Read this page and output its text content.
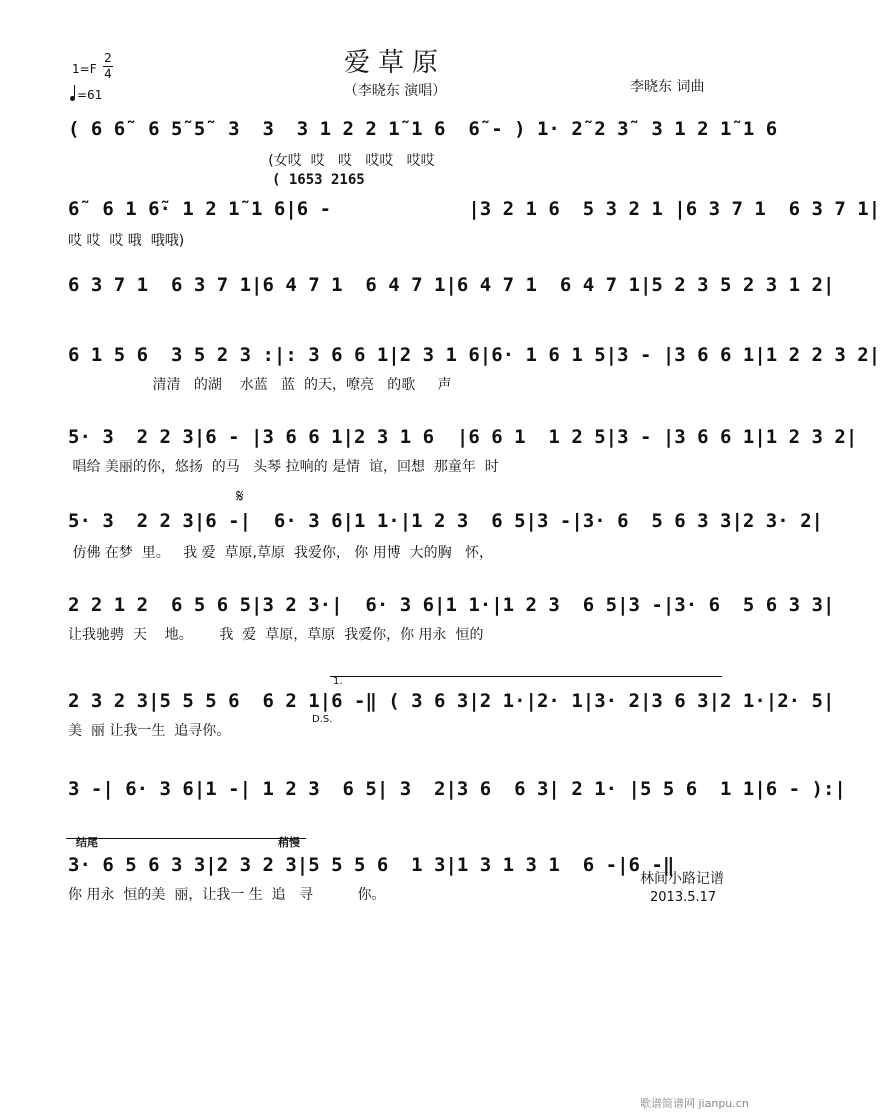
爱草原
（李晓东 演唱）	李晓东 词曲
1=F
2
4
=61
( 6 6̃  6 5̃ 5̃  3  3  3 1 2 2 1̃ 1 6  6̃ - ) 1· 2̃ 2 3̃  3 1 2 1̃ 1 6
(女哎  哎   哎   哎哎   哎哎
( 1653 2165
6̃  6 1 6̃· 1 2 1̃ 1 6|6 -            |3 2 1 6  5 3 2 1 |6 3 7 1  6 3 7 1|
哎 哎  哎 哦  哦哦)
6 3 7 1  6 3 7 1|6 4 7 1  6 4 7 1|6 4 7 1  6 4 7 1|5 2 3 5 2 3 1 2|
6 1 5 6  3 5 2 3 :|: 3 6 6 1|2 3 1 6|6· 1 6 1 5|3 - |3 6 6 1|1 2 2 3 2|
清清   的湖    水蓝   蓝  的天，嘹亮   的歌     声
5· 3  2 2 3|6 - |3 6 6 1|2 3 1 6  |6 6 1  1 2 5|3 - |3 6 6 1|1 2 3 2|
唱给 美丽的你，悠扬  的马   头琴 拉响的 是情  谊，回想  那童年  时
𝄋
5· 3  2 2 3|6 -|  6· 3 6|1 1·|1 2 3  6 5|3 -|3· 6  5 6 3 3|2 3· 2|
仿佛 在梦  里。   我 爱  草原,草原  我爱你， 你 用博  大的胸   怀，
2 2 1 2  6 5 6 5|3 2 3·|  6· 3 6|1 1·|1 2 3  6 5|3 -|3· 6  5 6 3 3|
让我驰骋  天    地。      我  爱  草原，草原  我爱你，你 用永  恒的
1.
2 3 2 3|5 5 5 6  6 2 1|6 -‖ ( 3 6 3|2 1·|2· 1|3· 2|3 6 3|2 1·|2· 5|
美  丽 让我一生  追寻你。
D.S.
3 -| 6· 3 6|1 -| 1 2 3  6 5| 3  2|3 6  6 3| 2 1· |5 5 6  1 1|6 - ):|
结尾	稍慢
3· 6 5 6 3 3|2 3 2 3|5 5 5 6  1 3|1 3 1 3 1  6 -|6 -‖
你 用永  恒的美  丽，让我一 生  追   寻          你。
林间小路记谱
2013.5.17
歌谱简谱网 jianpu.cn
